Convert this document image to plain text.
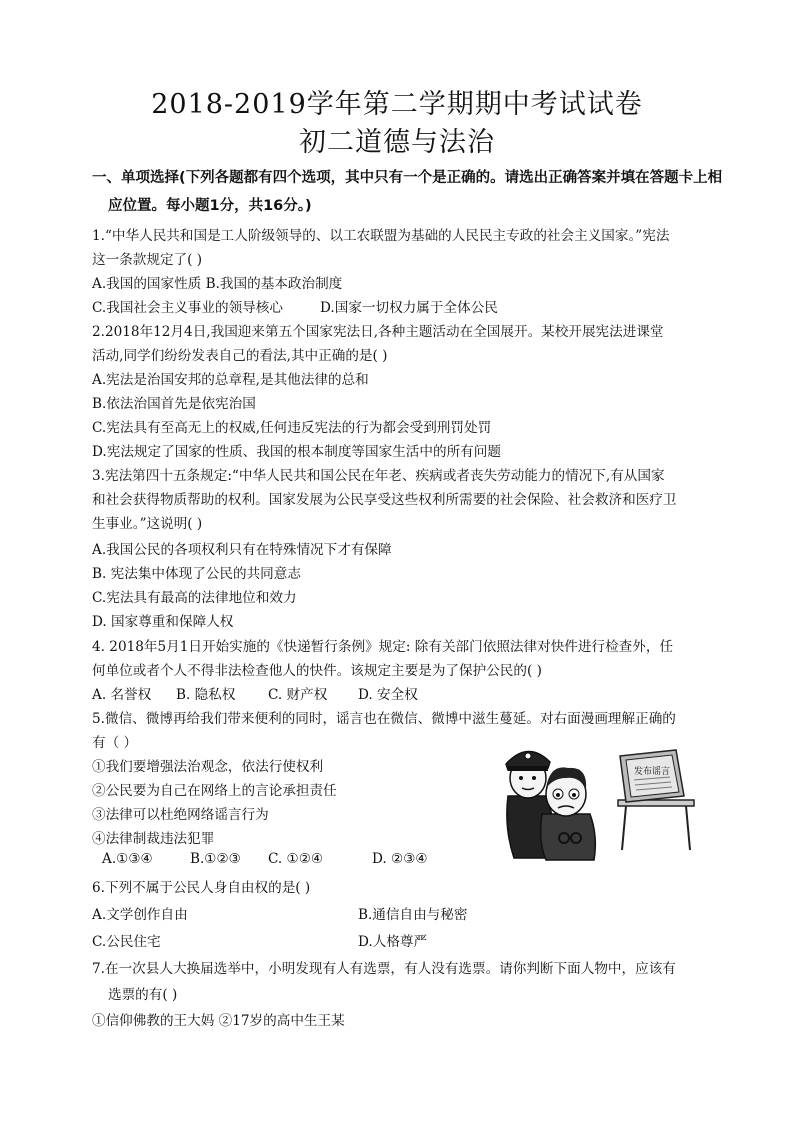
2018-2019学年第二学期期中考试试卷
初二道德与法治
一、单项选择(下列各题都有四个选项，其中只有一个是正确的。请选出正确答案并填在答题卡上相
应位置。每小题1分，共16分。)
1.“中华人民共和国是工人阶级领导的、以工农联盟为基础的人民民主专政的社会主义国家。”宪法
这一条款规定了( )
A.我国的国家性质 B.我国的基本政治制度
C.我国社会主义事业的领导核心	D.国家一切权力属于全体公民
2.2018年12月4日,我国迎来第五个国家宪法日,各种主题活动在全国展开。某校开展宪法进课堂
活动,同学们纷纷发表自己的看法,其中正确的是( )
A.宪法是治国安邦的总章程,是其他法律的总和
B.依法治国首先是依宪治国
C.宪法具有至高无上的权威,任何违反宪法的行为都会受到刑罚处罚
D.宪法规定了国家的性质、我国的根本制度等国家生活中的所有问题
3.宪法第四十五条规定:“中华人民共和国公民在年老、疾病或者丧失劳动能力的情况下,有从国家
和社会获得物质帮助的权利。国家发展为公民享受这些权利所需要的社会保险、社会救济和医疗卫
生事业。”这说明( )
A.我国公民的各项权利只有在特殊情况下才有保障
B. 宪法集中体现了公民的共同意志
C.宪法具有最高的法律地位和效力
D. 国家尊重和保障人权
4. 2018年5月1日开始实施的《快递暂行条例》规定: 除有关部门依照法律对快件进行检查外，任
何单位或者个人不得非法检查他人的快件。该规定主要是为了保护公民的( )
A. 名誉权 B. 隐私权 C. 财产权 D. 安全权
5.微信、微博再给我们带来便利的同时，谣言也在微信、微博中滋生蔓延。对右面漫画理解正确的
有（ ）
①我们要增强法治观念，依法行使权利
②公民要为自己在网络上的言论承担责任
③法律可以杜绝网络谣言行为
④法律制裁违法犯罪
A.①③④	B.①②③ C. ①②④	D. ②③④
发布谣言
6.下列不属于公民人身自由权的是( )
A.文学创作自由	B.通信自由与秘密
C.公民住宅	D.人格尊严
7.在一次县人大换届选举中，小明发现有人有选票，有人没有选票。请你判断下面人物中，应该有
选票的有( )
①信仰佛教的王大妈 ②17岁的高中生王某
